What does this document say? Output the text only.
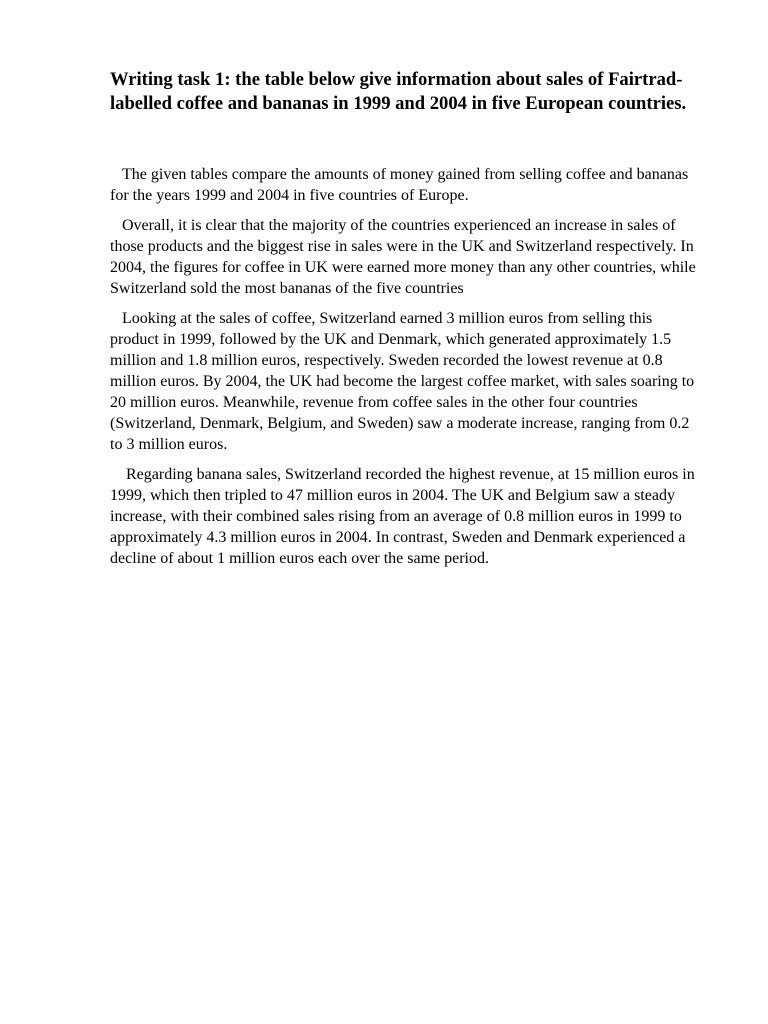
Writing task 1: the table below give information about sales of Fairtrad-labelled coffee and bananas in 1999 and 2004 in five European countries.

The given tables compare the amounts of money gained from selling coffee and bananas for the years 1999 and 2004 in five countries of Europe.

Overall, it is clear that the majority of the countries experienced an increase in sales of those products and the biggest rise in sales were in the UK and Switzerland respectively. In 2004, the figures for coffee in UK were earned more money than any other countries, while Switzerland sold the most bananas of the five countries

Looking at the sales of coffee, Switzerland earned 3 million euros from selling this product in 1999, followed by the UK and Denmark, which generated approximately 1.5 million and 1.8 million euros, respectively. Sweden recorded the lowest revenue at 0.8 million euros. By 2004, the UK had become the largest coffee market, with sales soaring to 20 million euros. Meanwhile, revenue from coffee sales in the other four countries (Switzerland, Denmark, Belgium, and Sweden) saw a moderate increase, ranging from 0.2 to 3 million euros.

Regarding banana sales, Switzerland recorded the highest revenue, at 15 million euros in 1999, which then tripled to 47 million euros in 2004. The UK and Belgium saw a steady increase, with their combined sales rising from an average of 0.8 million euros in 1999 to approximately 4.3 million euros in 2004. In contrast, Sweden and Denmark experienced a decline of about 1 million euros each over the same period.
